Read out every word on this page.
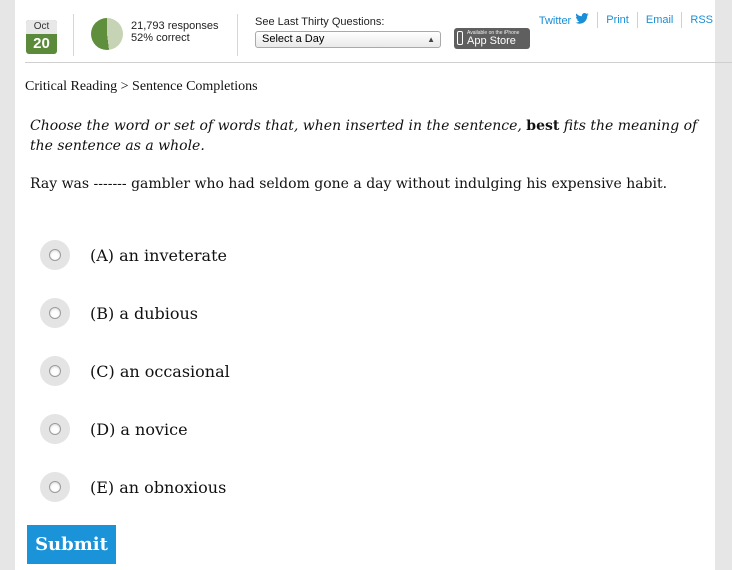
Oct
20
21,793 responses
52% correct
See Last Thirty Questions:
Select a Day	▲

Available on the iPhone
App Store
Twitter	Print Email RSS
Critical Reading > Sentence Completions
Choose the word or set of words that, when inserted in the sentence, best fits the meaning of the sentence as a whole.
Ray was ------- gambler who had seldom gone a day without indulging his expensive habit.
(A) an inveterate
(B) a dubious
(C) an occasional
(D) a novice
(E) an obnoxious
Submit
